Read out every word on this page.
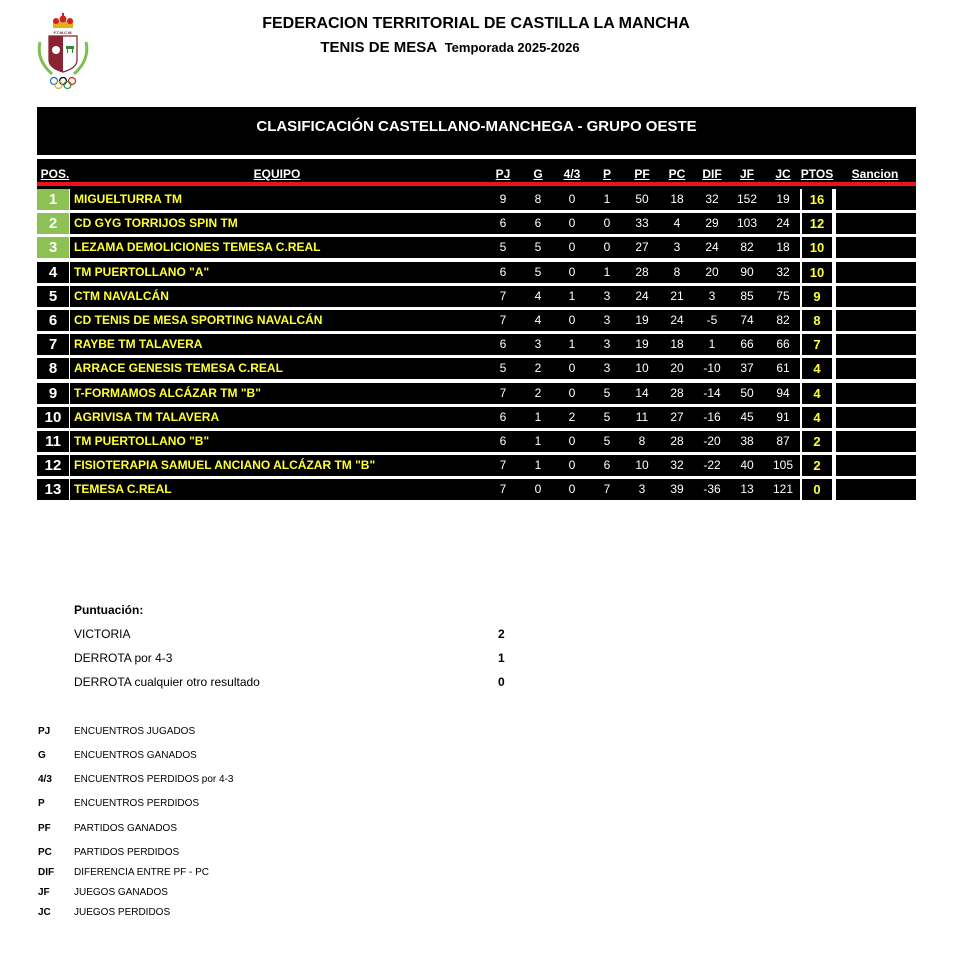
F.T.M.C.M.
FEDERACION TERRITORIAL DE CASTILLA LA MANCHA
TENIS DE MESA Temporada 2025-2026
CLASIFICACIÓN CASTELLANO-MANCHEGA - GRUPO OESTE
POS.	EQUIPO	PJ	G	4/3	P	PF PC DIF	JF	JC PTOS	Sancion
1	MIGUELTURRA TM	9	8	0	1	50	18	32	152	19	16
2	CD GYG TORRIJOS SPIN TM	6	6	0	0	33	4	29	103	24	12
3	LEZAMA DEMOLICIONES TEMESA C.REAL	5	5	0	0	27	3	24	82	18	10
4	TM PUERTOLLANO "A"	6	5	0	1	28	8	20	90	32	10
5	CTM NAVALCÁN	7	4	1	3	24	21	3	85	75	9
6	CD TENIS DE MESA SPORTING NAVALCÁN	7	4	0	3	19	24	-5	74	82	8
7	RAYBE TM TALAVERA	6	3	1	3	19	18	1	66	66	7
8	ARRACE GENESIS TEMESA C.REAL	5	2	0	3	10	20	-10	37	61	4
9	T-FORMAMOS ALCÁZAR TM "B"	7	2	0	5	14	28	-14	50	94	4
10	AGRIVISA TM TALAVERA	6	1	2	5	11	27	-16	45	91	4
11	TM PUERTOLLANO "B"	6	1	0	5	8	28	-20	38	87	2
12	FISIOTERAPIA SAMUEL ANCIANO ALCÁZAR TM "B"	7	1	0	6	10	32	-22	40	105	2
13	TEMESA C.REAL	7	0	0	7	3	39	-36	13	121	0
Puntuación:
VICTORIA	2
DERROTA por 4-3	1
DERROTA cualquier otro resultado	0
PJ ENCUENTROS JUGADOS
G	ENCUENTROS GANADOS
4/3 ENCUENTROS PERDIDOS por 4-3
P	ENCUENTROS PERDIDOS
PF PARTIDOS GANADOS
PC PARTIDOS PERDIDOS
DIF DIFERENCIA ENTRE PF - PC
JF JUEGOS GANADOS
JC JUEGOS PERDIDOS
